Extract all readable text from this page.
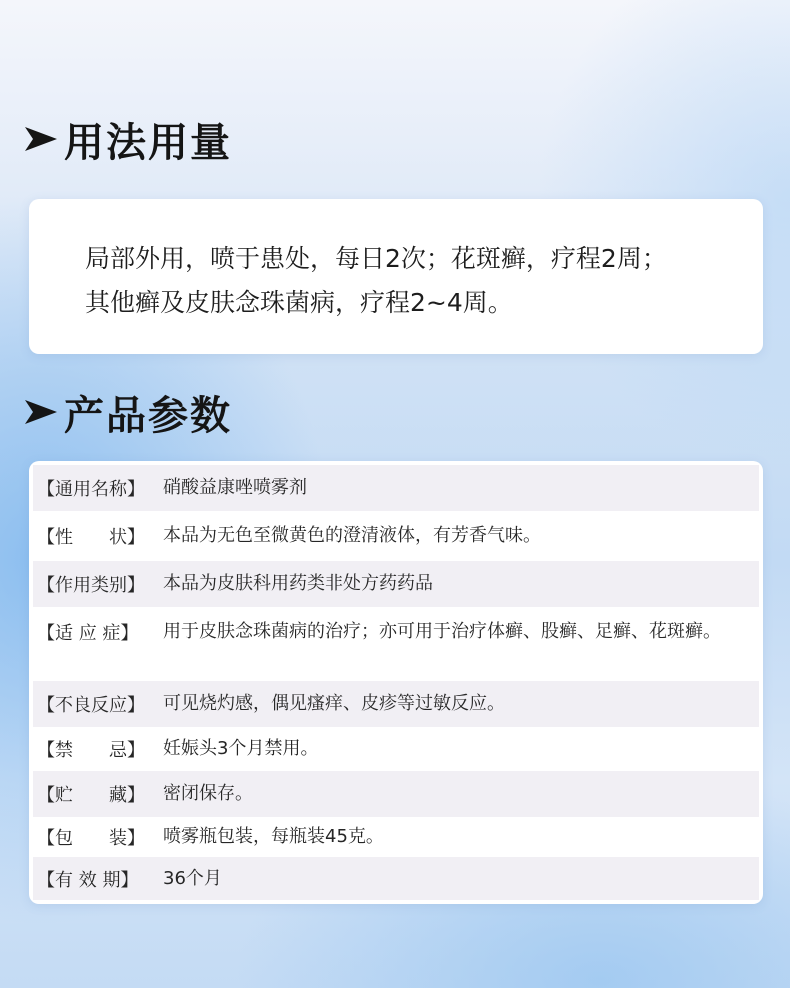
用法用量
局部外用，喷于患处，每日2次；花斑癣，疗程2周；
其他癣及皮肤念珠菌病，疗程2~4周。
产品参数
【通用名称】	硝酸益康唑喷雾剂
【性　　状】	本品为无色至微黄色的澄清液体，有芳香气味。
【作用类别】	本品为皮肤科用药类非处方药药品
【适 应 症】	用于皮肤念珠菌病的治疗；亦可用于治疗体癣、股癣、足癣、花斑癣。
【不良反应】	可见烧灼感，偶见瘙痒、皮疹等过敏反应。
【禁　　忌】	妊娠头3个月禁用。
【贮　　藏】	密闭保存。
【包　　装】	喷雾瓶包装，每瓶装45克。
【有 效 期】	36个月
